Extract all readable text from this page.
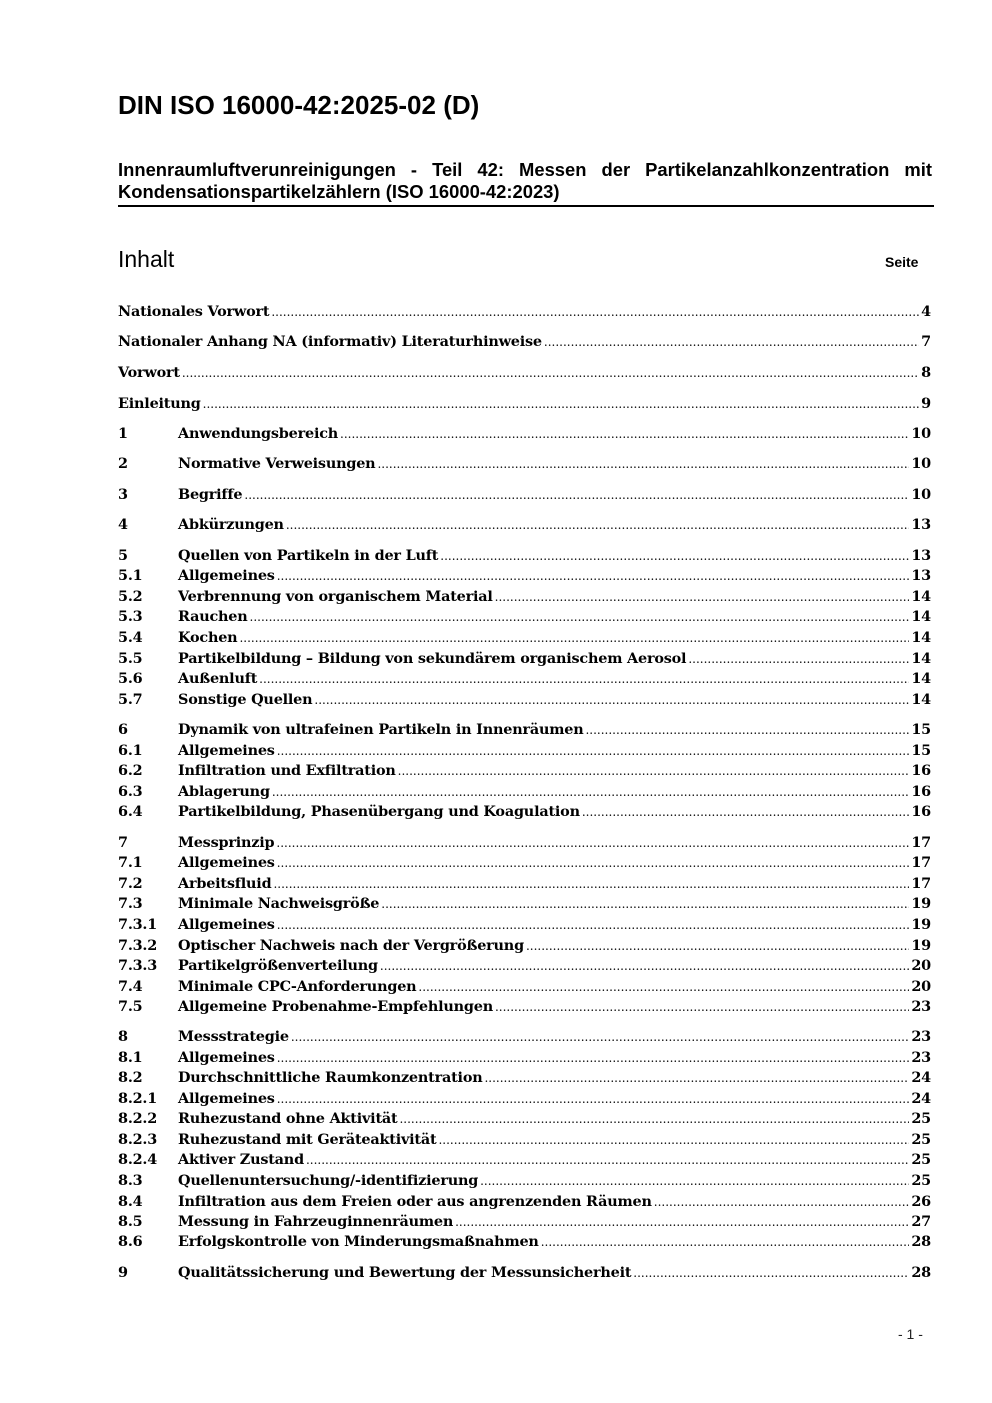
DIN ISO 16000-42:2025-02 (D)

Innenraumluftverunreinigungen - Teil 42: Messen der Partikelanzahlkonzentration mit Kondensationspartikelzählern (ISO 16000-42:2023)

Inhalt	Seite
Nationales Vorwort .....	4
Nationaler Anhang NA (informativ) Literaturhinweise .....	7
Vorwort .....	8
Einleitung .....	9
1	Anwendungsbereich .....	10
2	Normative Verweisungen .....	10
3	Begriffe .....	10
4	Abkürzungen .....	13
5	Quellen von Partikeln in der Luft .....	13
5.1	Allgemeines .....	13
5.2	Verbrennung von organischem Material .....	14
5.3	Rauchen .....	14
5.4	Kochen .....	14
5.5	Partikelbildung – Bildung von sekundärem organischem Aerosol .....	14
5.6	Außenluft .....	14
5.7	Sonstige Quellen .....	14
6	Dynamik von ultrafeinen Partikeln in Innenräumen .....	15
6.1	Allgemeines .....	15
6.2	Infiltration und Exfiltration .....	16
6.3	Ablagerung .....	16
6.4	Partikelbildung, Phasenübergang und Koagulation .....	16
7	Messprinzip .....	17
7.1	Allgemeines .....	17
7.2	Arbeitsfluid .....	17
7.3	Minimale Nachweisgröße .....	19
7.3.1	Allgemeines .....	19
7.3.2	Optischer Nachweis nach der Vergrößerung .....	19
7.3.3	Partikelgrößenverteilung .....	20
7.4	Minimale CPC-Anforderungen .....	20
7.5	Allgemeine Probenahme-Empfehlungen .....	23
8	Messstrategie .....	23
8.1	Allgemeines .....	23
8.2	Durchschnittliche Raumkonzentration .....	24
8.2.1	Allgemeines .....	24
8.2.2	Ruhezustand ohne Aktivität .....	25
8.2.3	Ruhezustand mit Geräteaktivität .....	25
8.2.4	Aktiver Zustand .....	25
8.3	Quellenuntersuchung/-identifizierung .....	25
8.4	Infiltration aus dem Freien oder aus angrenzenden Räumen .....	26
8.5	Messung in Fahrzeuginnenräumen .....	27
8.6	Erfolgskontrolle von Minderungsmaßnahmen .....	28
9	Qualitätssicherung und Bewertung der Messunsicherheit .....	28
- 1 -
